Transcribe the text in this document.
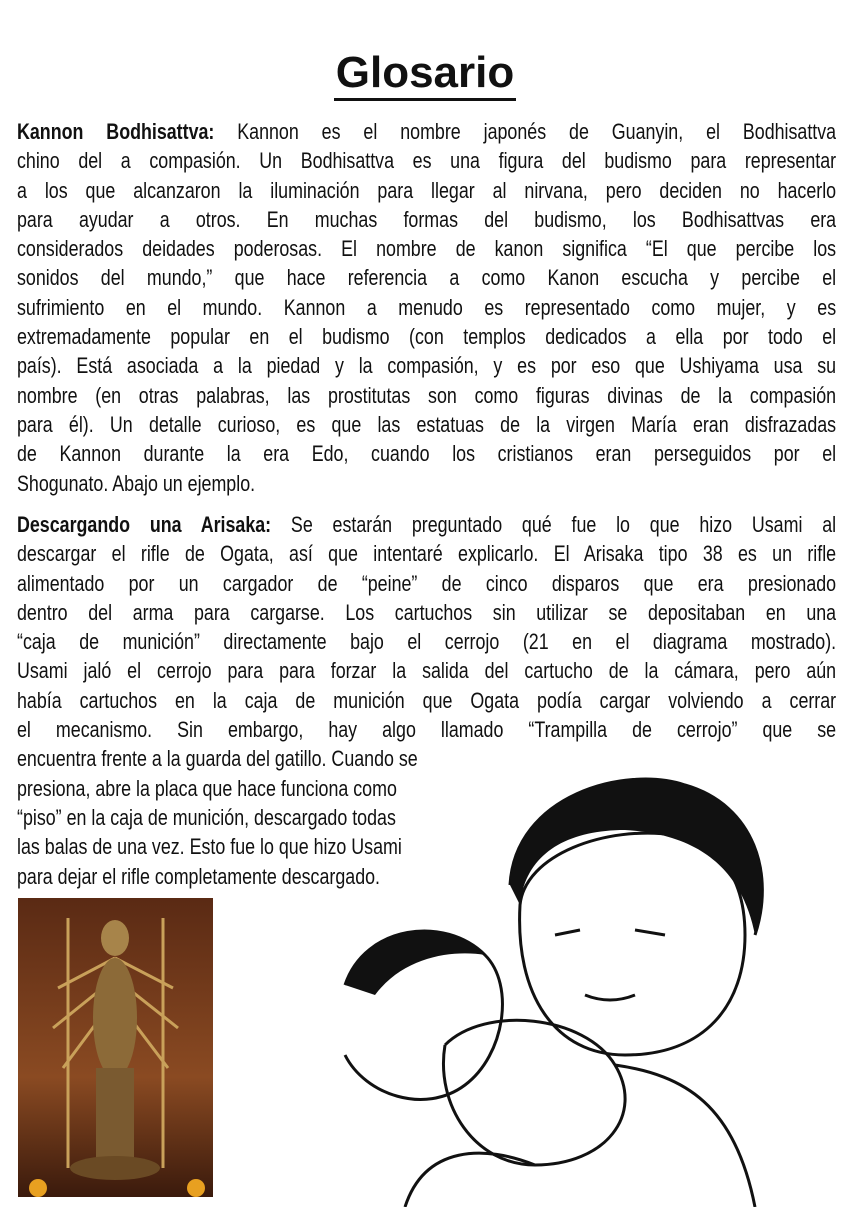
Glosario
Kannon Bodhisattva: Kannon es el nombre japonés de Guanyin, el Bodhisattva
chino del a compasión. Un Bodhisattva es una figura del budismo para representar
a los que alcanzaron la iluminación para llegar al nirvana, pero deciden no hacerlo
para ayudar a otros. En muchas formas del budismo, los Bodhisattvas era
considerados deidades poderosas. El nombre de kanon significa “El que percibe los
sonidos del mundo,” que hace referencia a como Kanon escucha y percibe el
sufrimiento en el mundo. Kannon a menudo es representado como mujer, y es
extremadamente popular en el budismo (con templos dedicados a ella por todo el
país). Está asociada a la piedad y la compasión, y es por eso que Ushiyama usa su
nombre (en otras palabras, las prostitutas son como figuras divinas de la compasión
para él). Un detalle curioso, es que las estatuas de la virgen María eran disfrazadas
de Kannon durante la era Edo, cuando los cristianos eran perseguidos por el
Shogunato. Abajo un ejemplo.
Descargando una Arisaka: Se estarán preguntado qué fue lo que hizo Usami al
descargar el rifle de Ogata, así que intentaré explicarlo. El Arisaka tipo 38 es un rifle
alimentado por un cargador de “peine” de cinco disparos que era presionado
dentro del arma para cargarse. Los cartuchos sin utilizar se depositaban en una
“caja de munición” directamente bajo el cerrojo (21 en el diagrama mostrado).
Usami jaló el cerrojo para para forzar la salida del cartucho de la cámara, pero aún
había cartuchos en la caja de munición que Ogata podía cargar volviendo a cerrar
el mecanismo. Sin embargo, hay algo llamado “Trampilla de cerrojo” que se
encuentra frente a la guarda del gatillo. Cuando se
presiona, abre la placa que hace funciona como
“piso” en la caja de munición, descargado todas
las balas de una vez. Esto fue lo que hizo Usami
para dejar el rifle completamente descargado.
